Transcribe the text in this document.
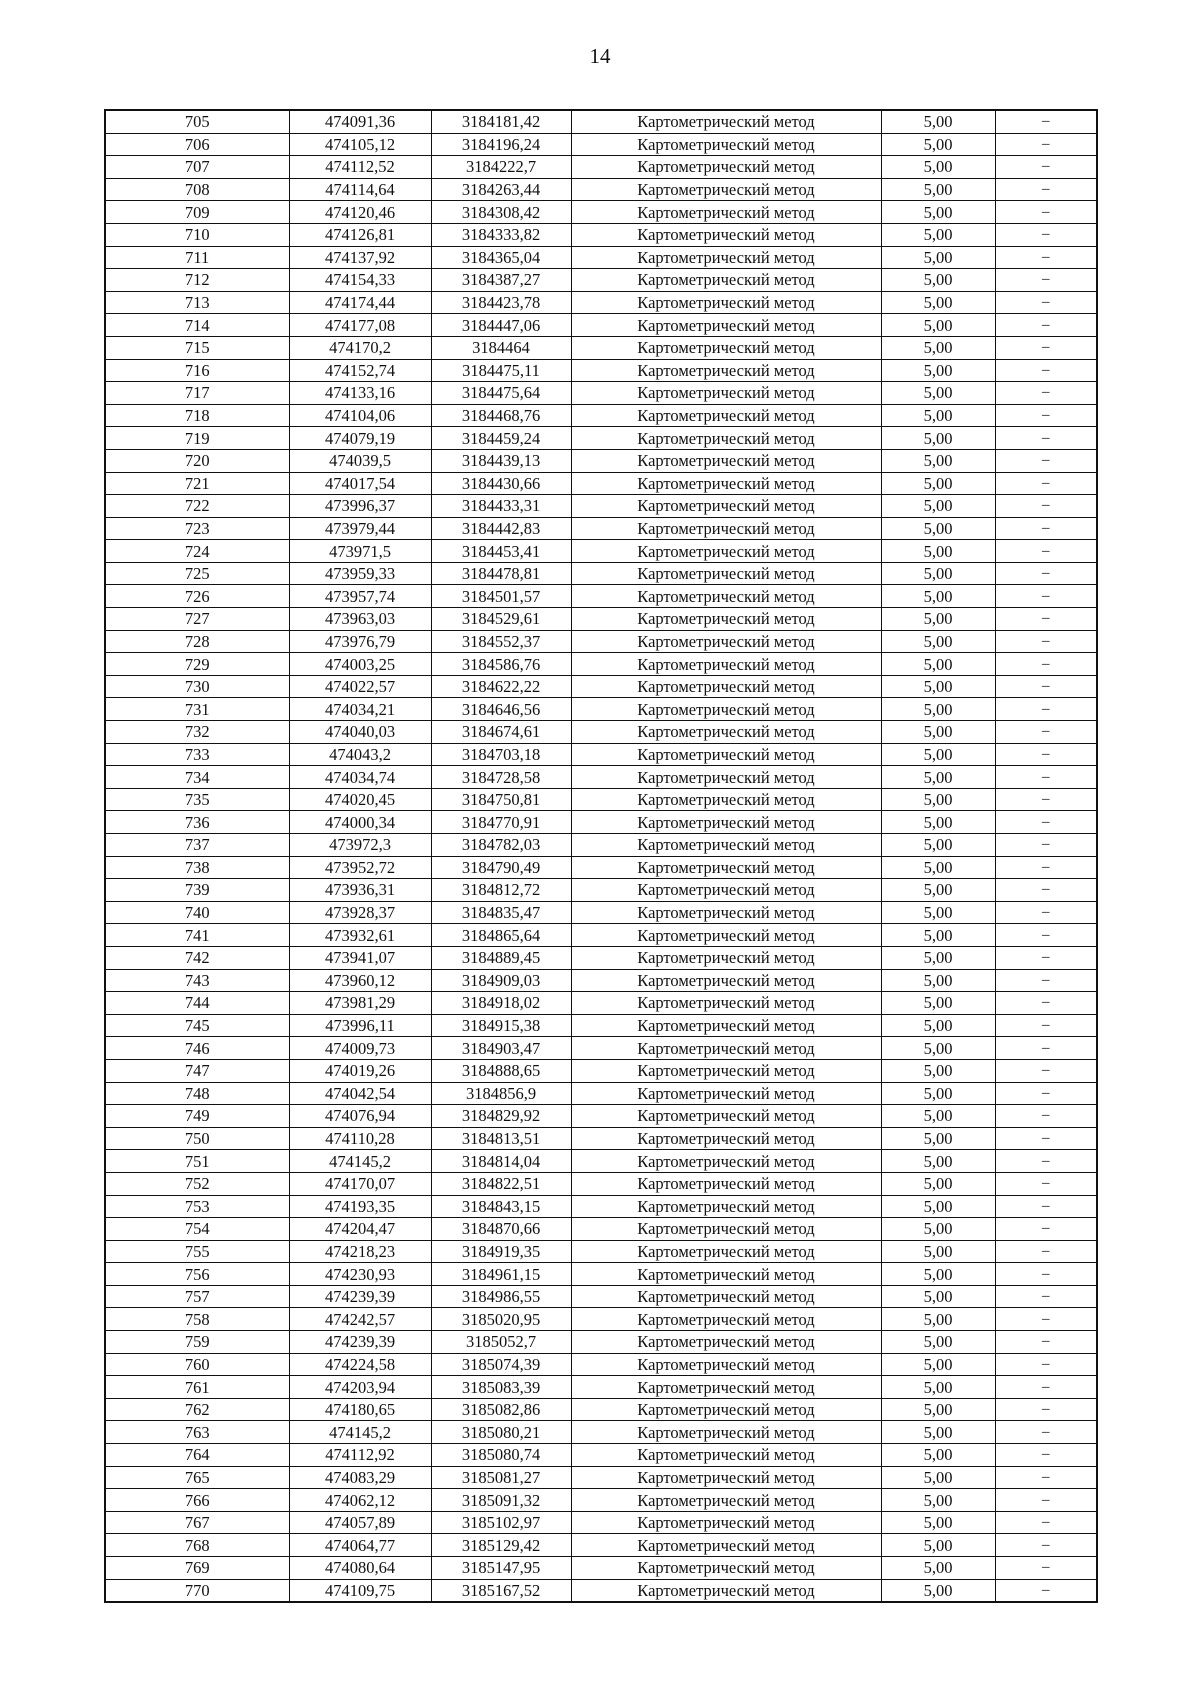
14
705	474091,36	3184181,42	Картометрический метод	5,00	–
706	474105,12	3184196,24	Картометрический метод	5,00	–
707	474112,52	3184222,7	Картометрический метод	5,00	–
708	474114,64	3184263,44	Картометрический метод	5,00	–
709	474120,46	3184308,42	Картометрический метод	5,00	–
710	474126,81	3184333,82	Картометрический метод	5,00	–
711	474137,92	3184365,04	Картометрический метод	5,00	–
712	474154,33	3184387,27	Картометрический метод	5,00	–
713	474174,44	3184423,78	Картометрический метод	5,00	–
714	474177,08	3184447,06	Картометрический метод	5,00	–
715	474170,2	3184464	Картометрический метод	5,00	–
716	474152,74	3184475,11	Картометрический метод	5,00	–
717	474133,16	3184475,64	Картометрический метод	5,00	–
718	474104,06	3184468,76	Картометрический метод	5,00	–
719	474079,19	3184459,24	Картометрический метод	5,00	–
720	474039,5	3184439,13	Картометрический метод	5,00	–
721	474017,54	3184430,66	Картометрический метод	5,00	–
722	473996,37	3184433,31	Картометрический метод	5,00	–
723	473979,44	3184442,83	Картометрический метод	5,00	–
724	473971,5	3184453,41	Картометрический метод	5,00	–
725	473959,33	3184478,81	Картометрический метод	5,00	–
726	473957,74	3184501,57	Картометрический метод	5,00	–
727	473963,03	3184529,61	Картометрический метод	5,00	–
728	473976,79	3184552,37	Картометрический метод	5,00	–
729	474003,25	3184586,76	Картометрический метод	5,00	–
730	474022,57	3184622,22	Картометрический метод	5,00	–
731	474034,21	3184646,56	Картометрический метод	5,00	–
732	474040,03	3184674,61	Картометрический метод	5,00	–
733	474043,2	3184703,18	Картометрический метод	5,00	–
734	474034,74	3184728,58	Картометрический метод	5,00	–
735	474020,45	3184750,81	Картометрический метод	5,00	–
736	474000,34	3184770,91	Картометрический метод	5,00	–
737	473972,3	3184782,03	Картометрический метод	5,00	–
738	473952,72	3184790,49	Картометрический метод	5,00	–
739	473936,31	3184812,72	Картометрический метод	5,00	–
740	473928,37	3184835,47	Картометрический метод	5,00	–
741	473932,61	3184865,64	Картометрический метод	5,00	–
742	473941,07	3184889,45	Картометрический метод	5,00	–
743	473960,12	3184909,03	Картометрический метод	5,00	–
744	473981,29	3184918,02	Картометрический метод	5,00	–
745	473996,11	3184915,38	Картометрический метод	5,00	–
746	474009,73	3184903,47	Картометрический метод	5,00	–
747	474019,26	3184888,65	Картометрический метод	5,00	–
748	474042,54	3184856,9	Картометрический метод	5,00	–
749	474076,94	3184829,92	Картометрический метод	5,00	–
750	474110,28	3184813,51	Картометрический метод	5,00	–
751	474145,2	3184814,04	Картометрический метод	5,00	–
752	474170,07	3184822,51	Картометрический метод	5,00	–
753	474193,35	3184843,15	Картометрический метод	5,00	–
754	474204,47	3184870,66	Картометрический метод	5,00	–
755	474218,23	3184919,35	Картометрический метод	5,00	–
756	474230,93	3184961,15	Картометрический метод	5,00	–
757	474239,39	3184986,55	Картометрический метод	5,00	–
758	474242,57	3185020,95	Картометрический метод	5,00	–
759	474239,39	3185052,7	Картометрический метод	5,00	–
760	474224,58	3185074,39	Картометрический метод	5,00	–
761	474203,94	3185083,39	Картометрический метод	5,00	–
762	474180,65	3185082,86	Картометрический метод	5,00	–
763	474145,2	3185080,21	Картометрический метод	5,00	–
764	474112,92	3185080,74	Картометрический метод	5,00	–
765	474083,29	3185081,27	Картометрический метод	5,00	–
766	474062,12	3185091,32	Картометрический метод	5,00	–
767	474057,89	3185102,97	Картометрический метод	5,00	–
768	474064,77	3185129,42	Картометрический метод	5,00	–
769	474080,64	3185147,95	Картометрический метод	5,00	–
770	474109,75	3185167,52	Картометрический метод	5,00	–
